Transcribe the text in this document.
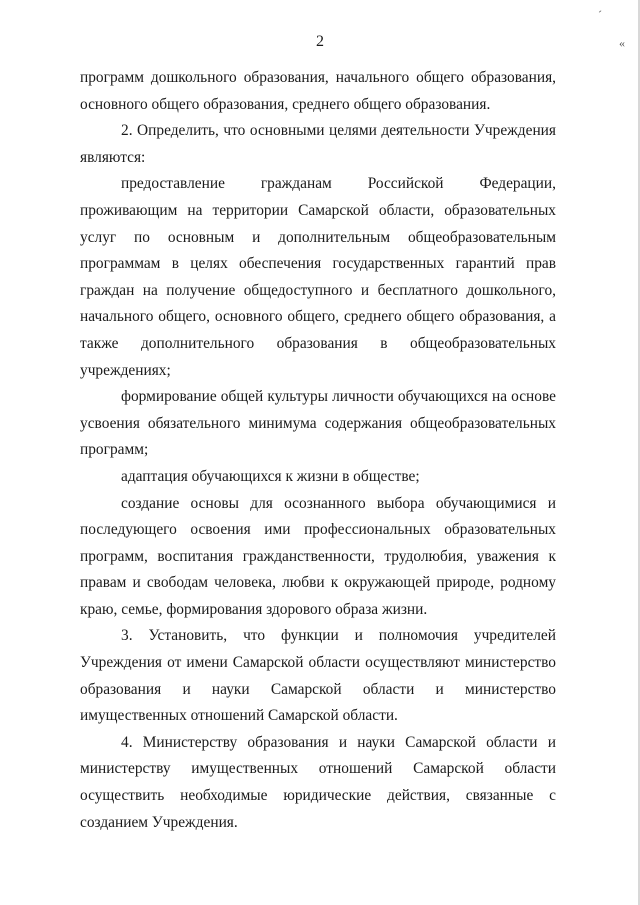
´
«
2

программ дошкольного образования, начального общего образования, основного общего образования, среднего общего образования.

2. Определить, что основными целями деятельности Учреждения являются:

предоставление гражданам Российской Федерации, проживающим на территории Самарской области, образовательных услуг по основным и дополнительным общеобразовательным программам в целях обеспечения государственных гарантий прав граждан на получение общедоступного и бесплатного дошкольного, начального общего, основного общего, среднего общего образования, а также дополнительного образования в общеобразовательных учреждениях;

формирование общей культуры личности обучающихся на основе усвоения обязательного минимума содержания общеобразовательных программ;

адаптация обучающихся к жизни в обществе;

создание основы для осознанного выбора обучающимися и последующего освоения ими профессиональных образовательных программ, воспитания гражданственности, трудолюбия, уважения к правам и свободам человека, любви к окружающей природе, родному краю, семье, формирования здорового образа жизни.

3. Установить, что функции и полномочия учредителей Учреждения от имени Самарской области осуществляют министерство образования и науки Самарской области и министерство имущественных отношений Самарской области.

4. Министерству образования и науки Самарской области и министерству имущественных отношений Самарской области осуществить необходимые юридические действия, связанные с созданием Учреждения.
